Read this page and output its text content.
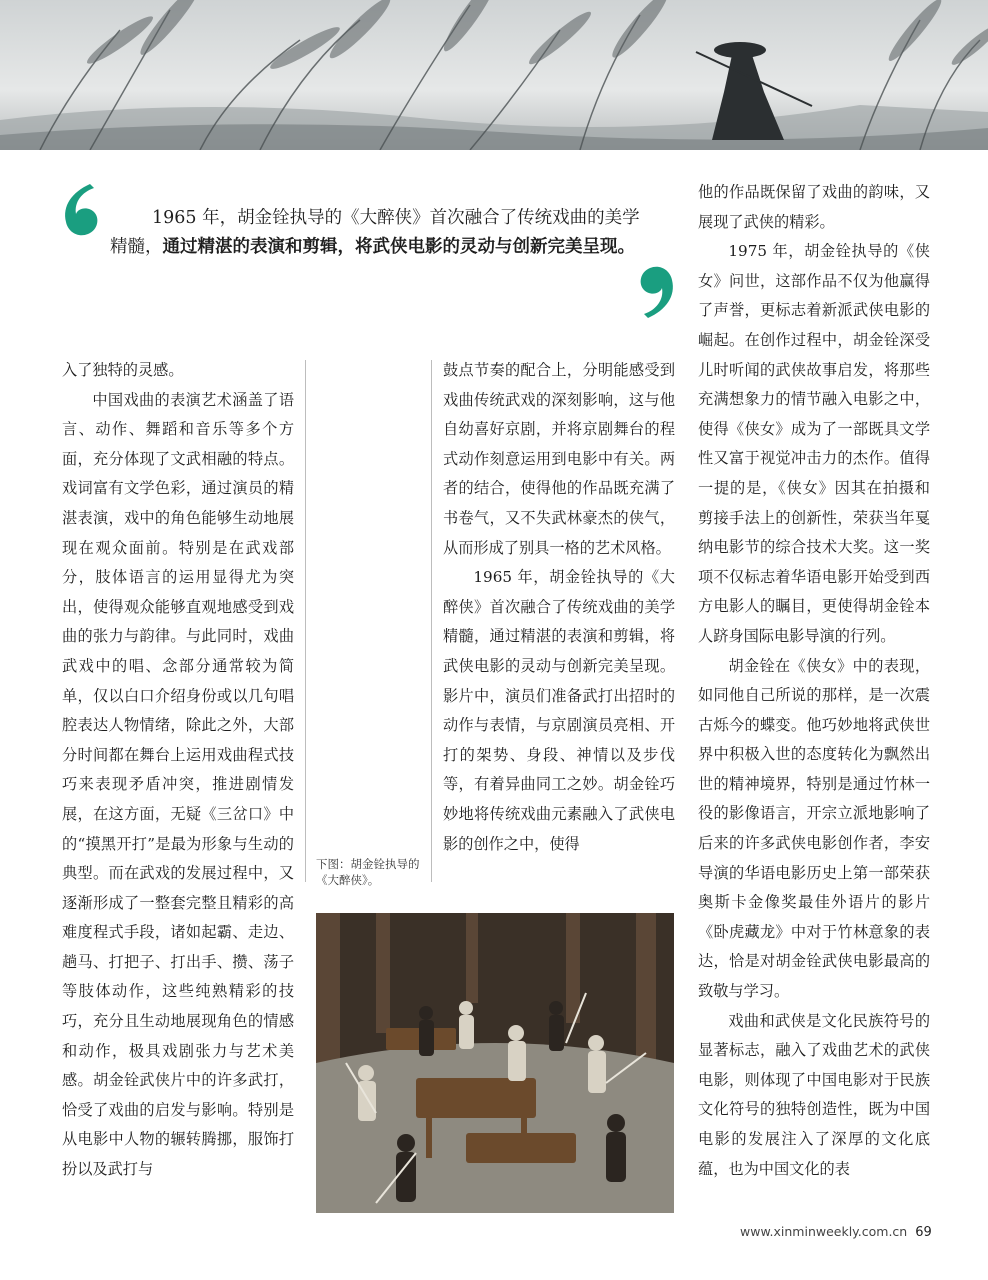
1965 年，胡金铨执导的《大醉侠》首次融合了传统戏曲的美学精髓，通过精湛的表演和剪辑，将武侠电影的灵动与创新完美呈现。

入了独特的灵感。

中国戏曲的表演艺术涵盖了语言、动作、舞蹈和音乐等多个方面，充分体现了文武相融的特点。戏词富有文学色彩，通过演员的精湛表演，戏中的角色能够生动地展现在观众面前。特别是在武戏部分，肢体语言的运用显得尤为突出，使得观众能够直观地感受到戏曲的张力与韵律。与此同时，戏曲武戏中的唱、念部分通常较为简单，仅以白口介绍身份或以几句唱腔表达人物情绪，除此之外，大部分时间都在舞台上运用戏曲程式技巧来表现矛盾冲突，推进剧情发展，在这方面，无疑《三岔口》中的“摸黑开打”是最为形象与生动的典型。而在武戏的发展过程中，又逐渐形成了一整套完整且精彩的高难度程式手段，诸如起霸、走边、趟马、打把子、打出手、攒、荡子等肢体动作，这些纯熟精彩的技巧，充分且生动地展现角色的情感和动作，极具戏剧张力与艺术美感。胡金铨武侠片中的许多武打，恰受了戏曲的启发与影响。特别是从电影中人物的辗转腾挪，服饰打扮以及武打与

下图：胡金铨执导的《大醉侠》。

鼓点节奏的配合上，分明能感受到戏曲传统武戏的深刻影响，这与他自幼喜好京剧，并将京剧舞台的程式动作刻意运用到电影中有关。两者的结合，使得他的作品既充满了书卷气，又不失武林豪杰的侠气，从而形成了别具一格的艺术风格。

1965 年，胡金铨执导的《大醉侠》首次融合了传统戏曲的美学精髓，通过精湛的表演和剪辑，将武侠电影的灵动与创新完美呈现。影片中，演员们准备武打出招时的动作与表情，与京剧演员亮相、开打的架势、身段、神情以及步伐等，有着异曲同工之妙。胡金铨巧妙地将传统戏曲元素融入了武侠电影的创作之中，使得

他的作品既保留了戏曲的韵味，又展现了武侠的精彩。

1975 年，胡金铨执导的《侠女》问世，这部作品不仅为他赢得了声誉，更标志着新派武侠电影的崛起。在创作过程中，胡金铨深受儿时听闻的武侠故事启发，将那些充满想象力的情节融入电影之中，使得《侠女》成为了一部既具文学性又富于视觉冲击力的杰作。值得一提的是，《侠女》因其在拍摄和剪接手法上的创新性，荣获当年戛纳电影节的综合技术大奖。这一奖项不仅标志着华语电影开始受到西方电影人的瞩目，更使得胡金铨本人跻身国际电影导演的行列。

胡金铨在《侠女》中的表现，如同他自己所说的那样，是一次震古烁今的蝶变。他巧妙地将武侠世界中积极入世的态度转化为飘然出世的精神境界，特别是通过竹林一役的影像语言，开宗立派地影响了后来的许多武侠电影创作者，李安导演的华语电影历史上第一部荣获奥斯卡金像奖最佳外语片的影片《卧虎藏龙》中对于竹林意象的表达，恰是对胡金铨武侠电影最高的致敬与学习。

戏曲和武侠是文化民族符号的显著标志，融入了戏曲艺术的武侠电影，则体现了中国电影对于民族文化符号的独特创造性，既为中国电影的发展注入了深厚的文化底蕴，也为中国文化的表

www.xinminweekly.com.cn 69
